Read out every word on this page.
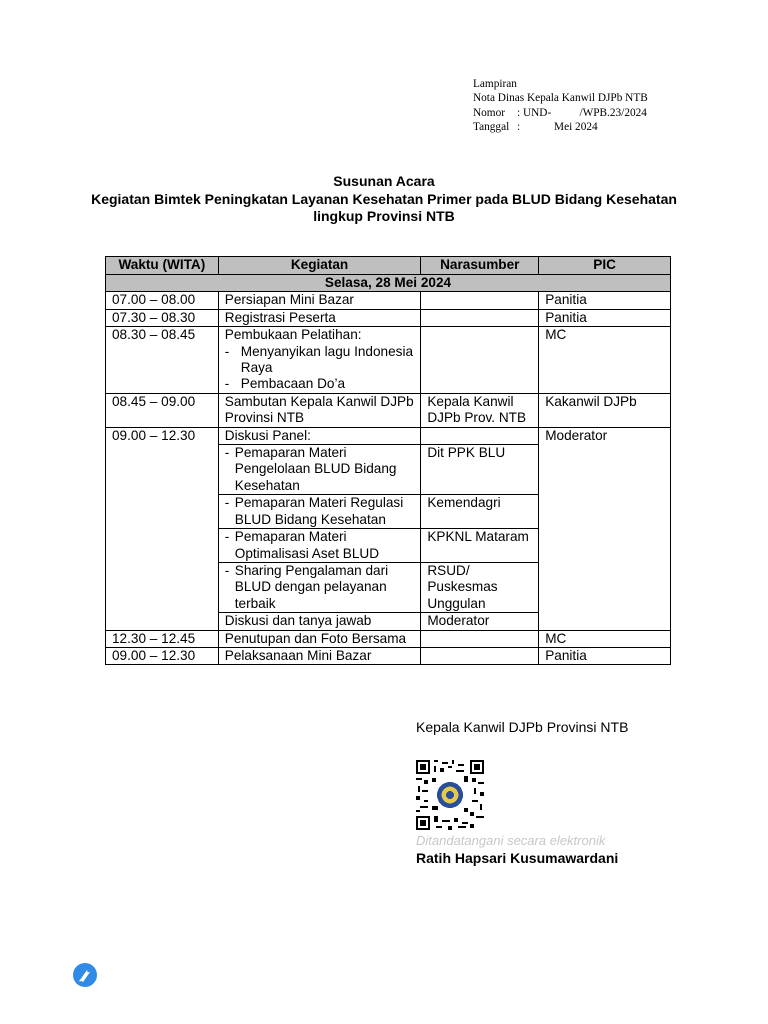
Lampiran
Nota Dinas Kepala Kanwil DJPb NTB
Nomor : UND-          /WPB.23/2024
Tanggal :            Mei 2024
Susunan Acara
Kegiatan Bimtek Peningkatan Layanan Kesehatan Primer pada BLUD Bidang Kesehatan
lingkup Provinsi NTB
Waktu (WITA)	Kegiatan	Narasumber	PIC
Selasa, 28 Mei 2024			
07.00 – 08.00	Persiapan Mini Bazar		Panitia
07.30 – 08.30	Registrasi Peserta		Panitia
08.30 – 08.45	Pembukaan Pelatihan:
- Menyanyikan lagu Indonesia Raya
- Pembacaan Do’a		MC
08.45 – 09.00	Sambutan Kepala Kanwil DJPb Provinsi NTB	Kepala Kanwil DJPb Prov. NTB	Kakanwil DJPb
09.00 – 12.30	Diskusi Panel:		Moderator

	- Pemaparan Materi Pengelolaan BLUD Bidang Kesehatan	Dit PPK BLU	

	- Pemaparan Materi Regulasi BLUD Bidang Kesehatan	Kemendagri	

	- Pemaparan Materi Optimalisasi Aset BLUD	KPKNL Mataram	

	- Sharing Pengalaman dari BLUD dengan pelayanan terbaik	RSUD/ Puskesmas Unggulan	
	Diskusi dan tanya jawab	Moderator	
12.30 – 12.45	Penutupan dan Foto Bersama		MC
09.00 – 12.30	Pelaksanaan Mini Bazar		Panitia
Kepala Kanwil DJPb Provinsi NTB
Ditandatangani secara elektronik
Ratih Hapsari Kusumawardani
